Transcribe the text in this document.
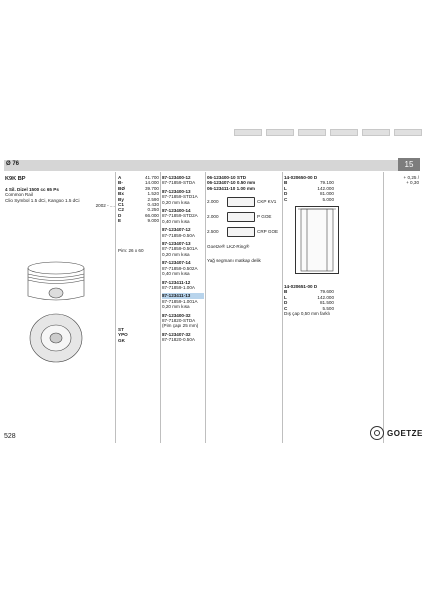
Ø 76	15
K9K BP
4 Sil. Dizel 1500 cc 65 Ps
Common Rail
Clio Symbol 1.5 dCi, Kangoo 1.5 dCi
2002 - ....
A	41.700
B-	14.000
BØ	39.700
Bx	1.520
By	2.590
C1	0.430
C2	0.250
D	66.000
E	9.000
Pim: 26 x 60
ST
YPO
GK
87-123400-12
87-71859-STDA
87-123400-13
87-71859-STD1A
0,20 mm kısa
87-123400-14
87-71859-STD2A
0,40 mm kısa
87-123407-12
87-71859-0.50A
87-123407-13
87-71859-0.501A
0,20 mm kısa
87-123407-14
87-71859-0.502A
0,40 mm kısa
87-123411-12
87-71859-1.00A
87-123411-13
87-71859-1.001A
0,20 mm kısa
87-123400-32
87-71820-STDA
(Pim çapı 25 mm)
87-123407-32
87-71820-0.50A
06-123400-10 STD
06-123407-10 0.50 mm
06-123411-10 1.00 mm
2.000	CKP KV1
2.000	P GOE
2.500	CRP GOE
Goetze® LKZ-Ring®
Yağ segmanı matkap delik
14-020650-00 D
B	79.100
L	142.000
D	81.000
C	5.000
14-020651-00 D
B	79.600
L	142.000
D	81.500
C	5.500
Dış çap 0,50 mm farklı
+ 0,25 /
+ 0,30
528	GOETZE
